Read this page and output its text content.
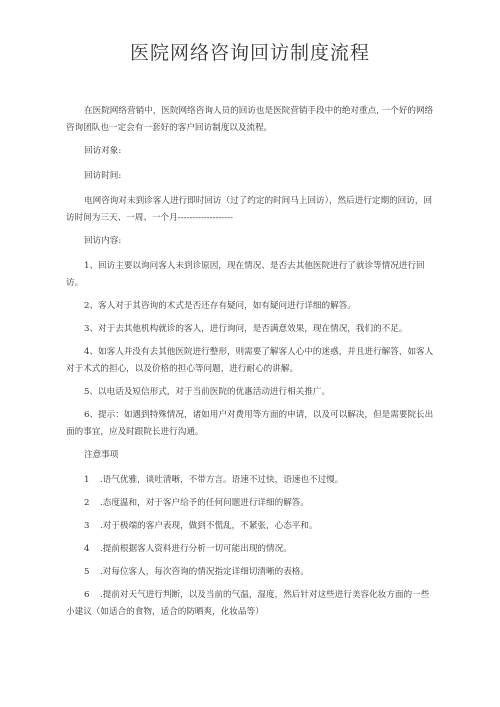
医院网络咨询回访制度流程

在医院网络营销中，医院网络咨询人员的回访也是医院营销手段中的绝对重点, 一个好的网络咨询团队也一定会有一套好的客户回访制度以及流程。

回访对象:

回访时间:

电网咨询对未到诊客人进行即时回访（过了约定的时间马上回访），然后进行定期的回访，回访时间为三天、一周、一个月-------------------

回访内容:

1、回访主要以询问客人未到诊原因，现在情况、是否去其他医院进行了就诊等情况进行回访。

2、客人对于其咨询的术式是否还存有疑问，如有疑问进行详细的解答。

3、对于去其他机构就诊的客人，进行询问，是否满意效果，现在情况，我们的不足。

4、如客人并没有去其他医院进行整形，则需要了解客人心中的迷惑，并且进行解答，如客人对于术式的担心，以及价格的担心等问题，进行耐心的讲解。

5、以电话及短信形式，对于当前医院的优惠活动进行相关推广。

6、提示：如遇到特殊情况，诸如用户对费用等方面的申请，以及可以解决，但是需要院长出面的事宜，应及时跟院长进行沟通。

注意事项

1 .语气优雅，谈吐清晰，不带方言。语速不过快，语速也不过慢。

2 .态度温和，对于客户给予的任何问题进行详细的解答。

3 .对于极端的客户表现，做到不慌乱，不紧张，心态平和。

4 .提前根据客人资料进行分析一切可能出现的情况。

5 .对每位客人，每次咨询的情况指定详细切清晰的表格。

6 .提前对天气进行判断，以及当前的气温，湿度，然后针对这些进行美容化妆方面的一些小建议（如适合的食物，适合的防晒爽，化妆品等）
